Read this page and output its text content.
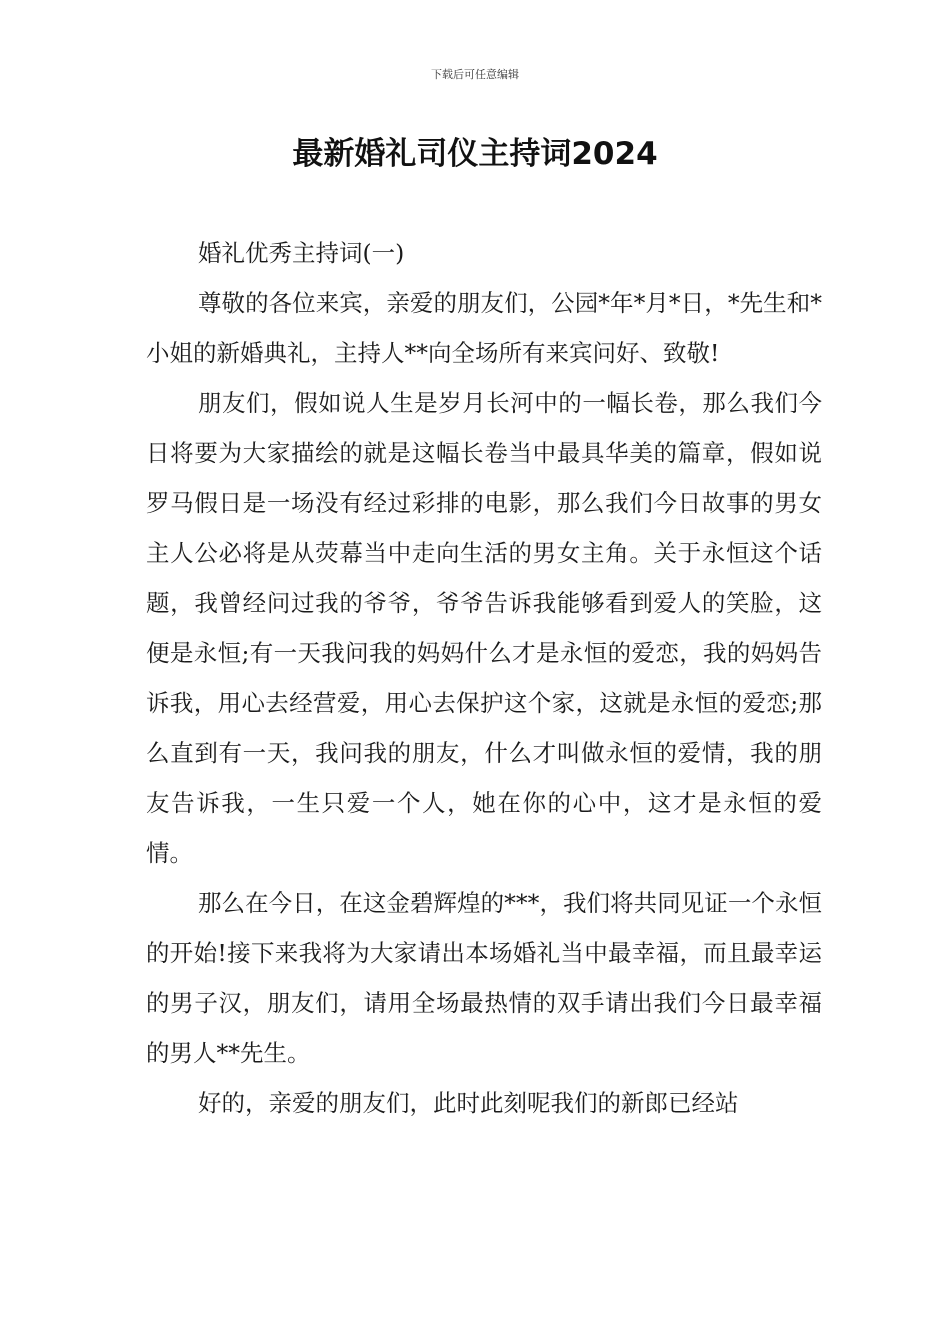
下载后可任意编辑
最新婚礼司仪主持词2024

婚礼优秀主持词(一)

尊敬的各位来宾，亲爱的朋友们，公园*年*月*日，*先生和*小姐的新婚典礼，主持人**向全场所有来宾问好、致敬!

朋友们，假如说人生是岁月长河中的一幅长卷，那么我们今日将要为大家描绘的就是这幅长卷当中最具华美的篇章，假如说罗马假日是一场没有经过彩排的电影，那么我们今日故事的男女主人公必将是从荧幕当中走向生活的男女主角。关于永恒这个话题，我曾经问过我的爷爷，爷爷告诉我能够看到爱人的笑脸，这便是永恒;有一天我问我的妈妈什么才是永恒的爱恋，我的妈妈告诉我，用心去经营爱，用心去保护这个家，这就是永恒的爱恋;那么直到有一天，我问我的朋友，什么才叫做永恒的爱情，我的朋友告诉我，一生只爱一个人，她在你的心中，这才是永恒的爱情。

那么在今日，在这金碧辉煌的***，我们将共同见证一个永恒的开始!接下来我将为大家请出本场婚礼当中最幸福，而且最幸运的男子汉，朋友们，请用全场最热情的双手请出我们今日最幸福的男人**先生。

好的，亲爱的朋友们，此时此刻呢我们的新郎已经站
